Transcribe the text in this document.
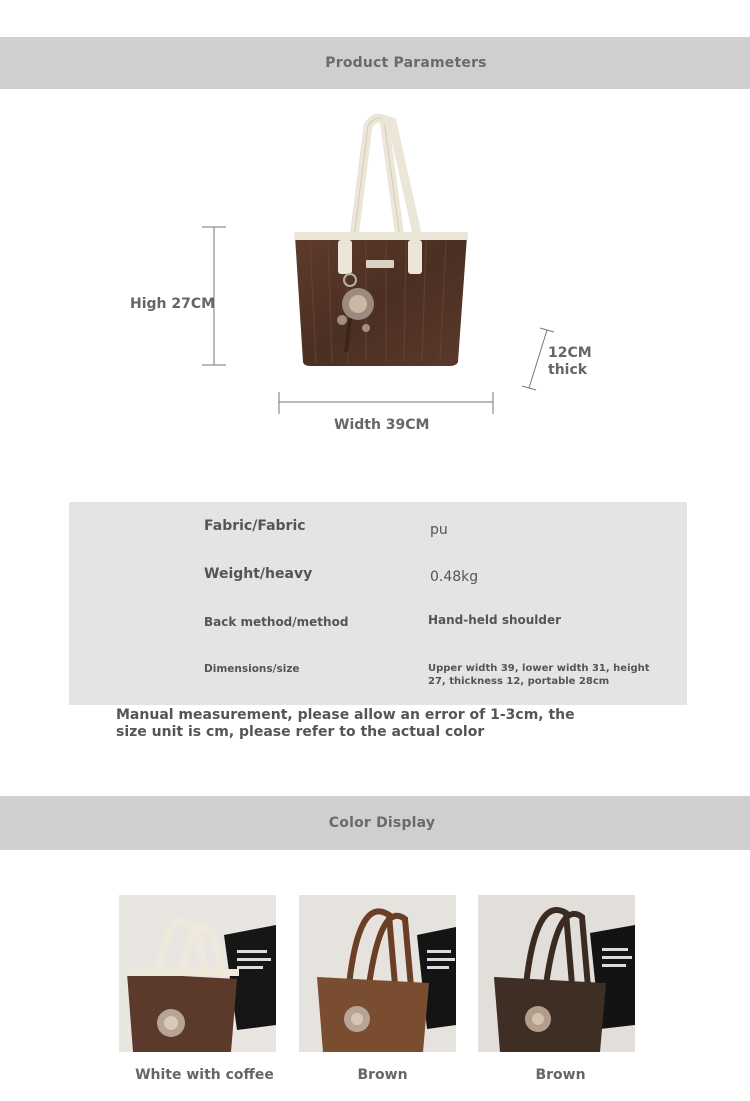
Product Parameters
High 27CM
Width 39CM
12CM
thick
Fabric/Fabric	pu
Weight/heavy	0.48kg
Back method/method	Hand-held shoulder
Dimensions/size	Upper width 39, lower width 31, height 27, thickness 12, portable 28cm
Manual measurement, please allow an error of 1-3cm, the size unit is cm, please refer to the actual color
Color Display
White with coffee	Brown	Brown
